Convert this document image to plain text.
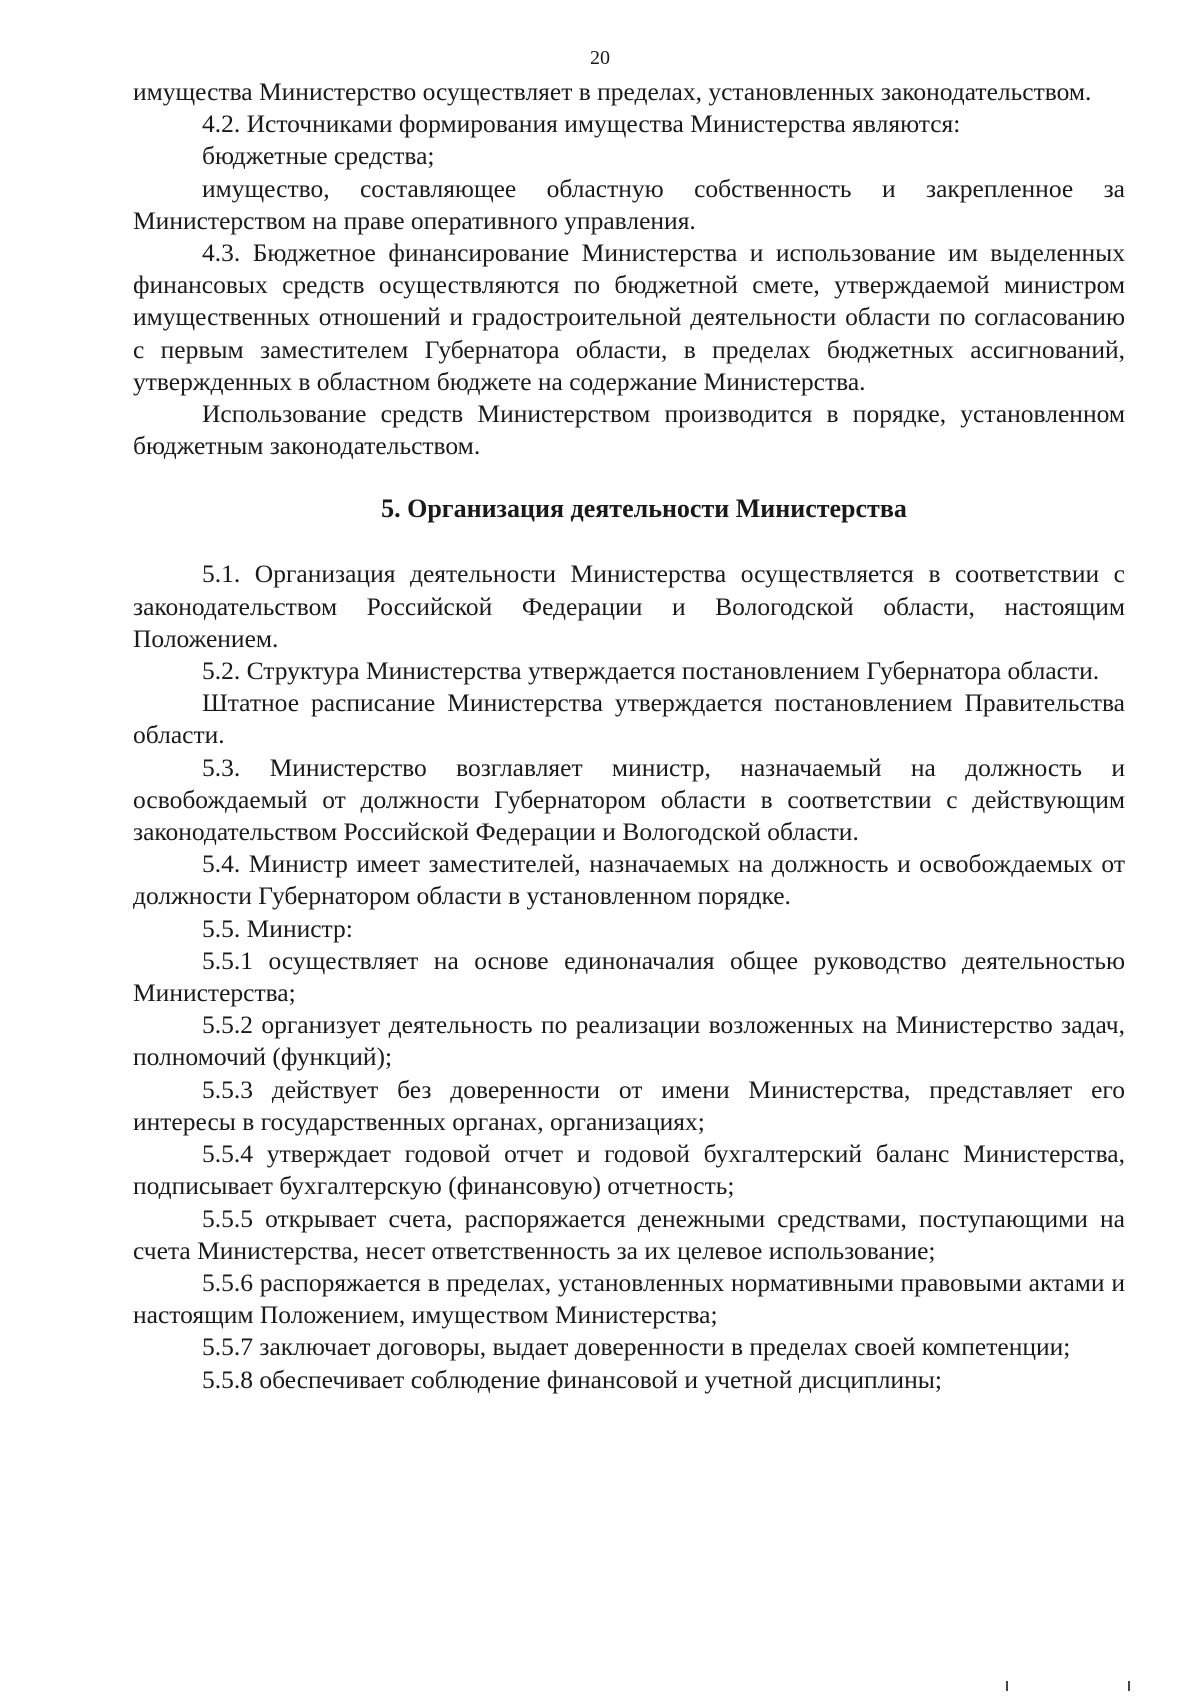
20

имущества Министерство осуществляет в пределах, установленных законодательством.

4.2. Источниками формирования имущества Министерства являются:

бюджетные средства;

имущество, составляющее областную собственность и закрепленное за Министерством на праве оперативного управления.

4.3. Бюджетное финансирование Министерства и использование им выделенных финансовых средств осуществляются по бюджетной смете, утверждаемой министром имущественных отношений и градостроительной деятельности области по согласованию с первым заместителем Губернатора области, в пределах бюджетных ассигнований, утвержденных в областном бюджете на содержание Министерства.

Использование средств Министерством производится в порядке, установленном бюджетным законодательством.

5. Организация деятельности Министерства

5.1. Организация деятельности Министерства осуществляется в соответствии с законодательством Российской Федерации и Вологодской области, настоящим Положением.

5.2. Структура Министерства утверждается постановлением Губернатора области.

Штатное расписание Министерства утверждается постановлением Правительства области.

5.3. Министерство возглавляет министр, назначаемый на должность и освобождаемый от должности Губернатором области в соответствии с действующим законодательством Российской Федерации и Вологодской области.

5.4. Министр имеет заместителей, назначаемых на должность и освобождаемых от должности Губернатором области в установленном порядке.

5.5. Министр:

5.5.1 осуществляет на основе единоначалия общее руководство деятельностью Министерства;

5.5.2 организует деятельность по реализации возложенных на Министерство задач, полномочий (функций);

5.5.3 действует без доверенности от имени Министерства, представляет его интересы в государственных органах, организациях;

5.5.4 утверждает годовой отчет и годовой бухгалтерский баланс Министерства, подписывает бухгалтерскую (финансовую) отчетность;

5.5.5 открывает счета, распоряжается денежными средствами, поступающими на счета Министерства, несет ответственность за их целевое использование;

5.5.6 распоряжается в пределах, установленных нормативными правовыми актами и настоящим Положением, имуществом Министерства;

5.5.7 заключает договоры, выдает доверенности в пределах своей компетенции;

5.5.8 обеспечивает соблюдение финансовой и учетной дисциплины;
